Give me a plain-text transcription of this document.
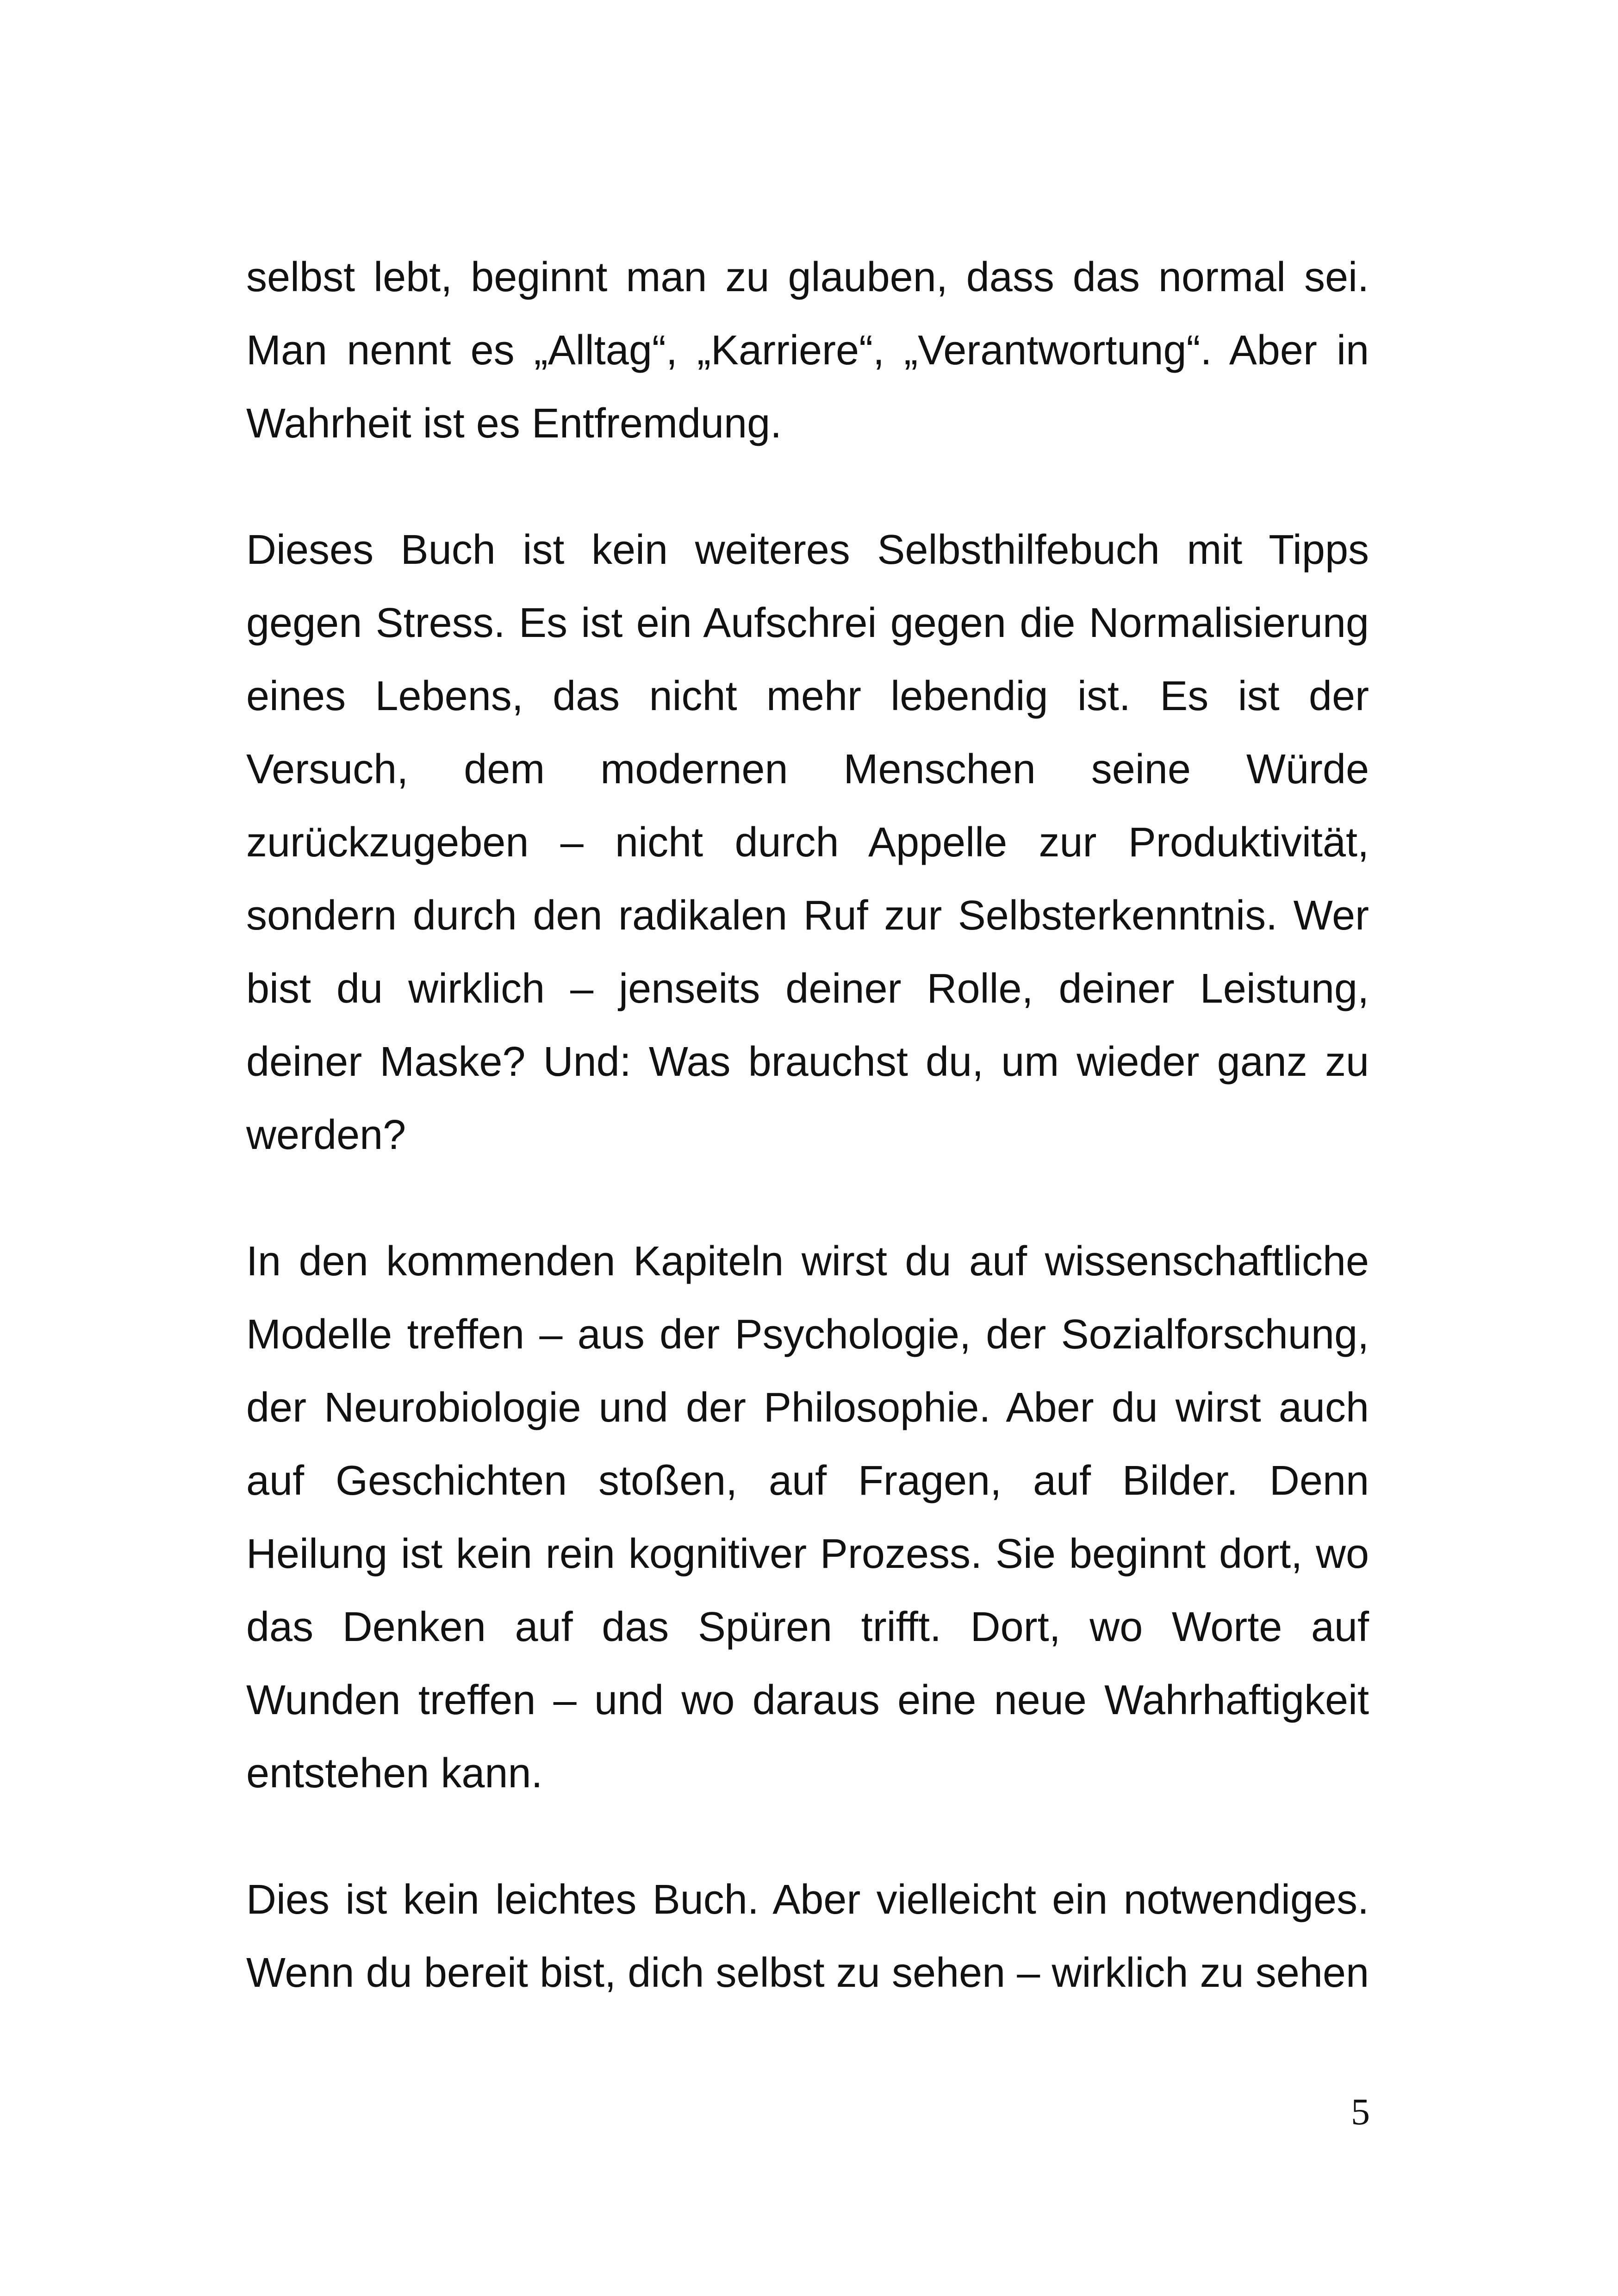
selbst lebt, beginnt man zu glauben, dass das normal sei. Man nennt es „Alltag“, „Karriere“, „Verantwortung“. Aber in Wahrheit ist es Entfremdung.

Dieses Buch ist kein weiteres Selbsthilfebuch mit Tipps gegen Stress. Es ist ein Aufschrei gegen die Normalisierung eines Lebens, das nicht mehr lebendig ist. Es ist der Versuch, dem modernen Menschen seine Würde zurückzugeben – nicht durch Appelle zur Produktivität, sondern durch den radikalen Ruf zur Selbsterkenntnis. Wer bist du wirklich – jenseits deiner Rolle, deiner Leistung, deiner Maske? Und: Was brauchst du, um wieder ganz zu werden?

In den kommenden Kapiteln wirst du auf wissenschaftliche Modelle treffen – aus der Psychologie, der Sozialforschung, der Neurobiologie und der Philosophie. Aber du wirst auch auf Geschichten stoßen, auf Fragen, auf Bilder. Denn Heilung ist kein rein kognitiver Prozess. Sie beginnt dort, wo das Denken auf das Spüren trifft. Dort, wo Worte auf Wunden treffen – und wo daraus eine neue Wahrhaftigkeit entstehen kann.

Dies ist kein leichtes Buch. Aber vielleicht ein notwendiges. Wenn du bereit bist, dich selbst zu sehen – wirklich zu sehen

5
